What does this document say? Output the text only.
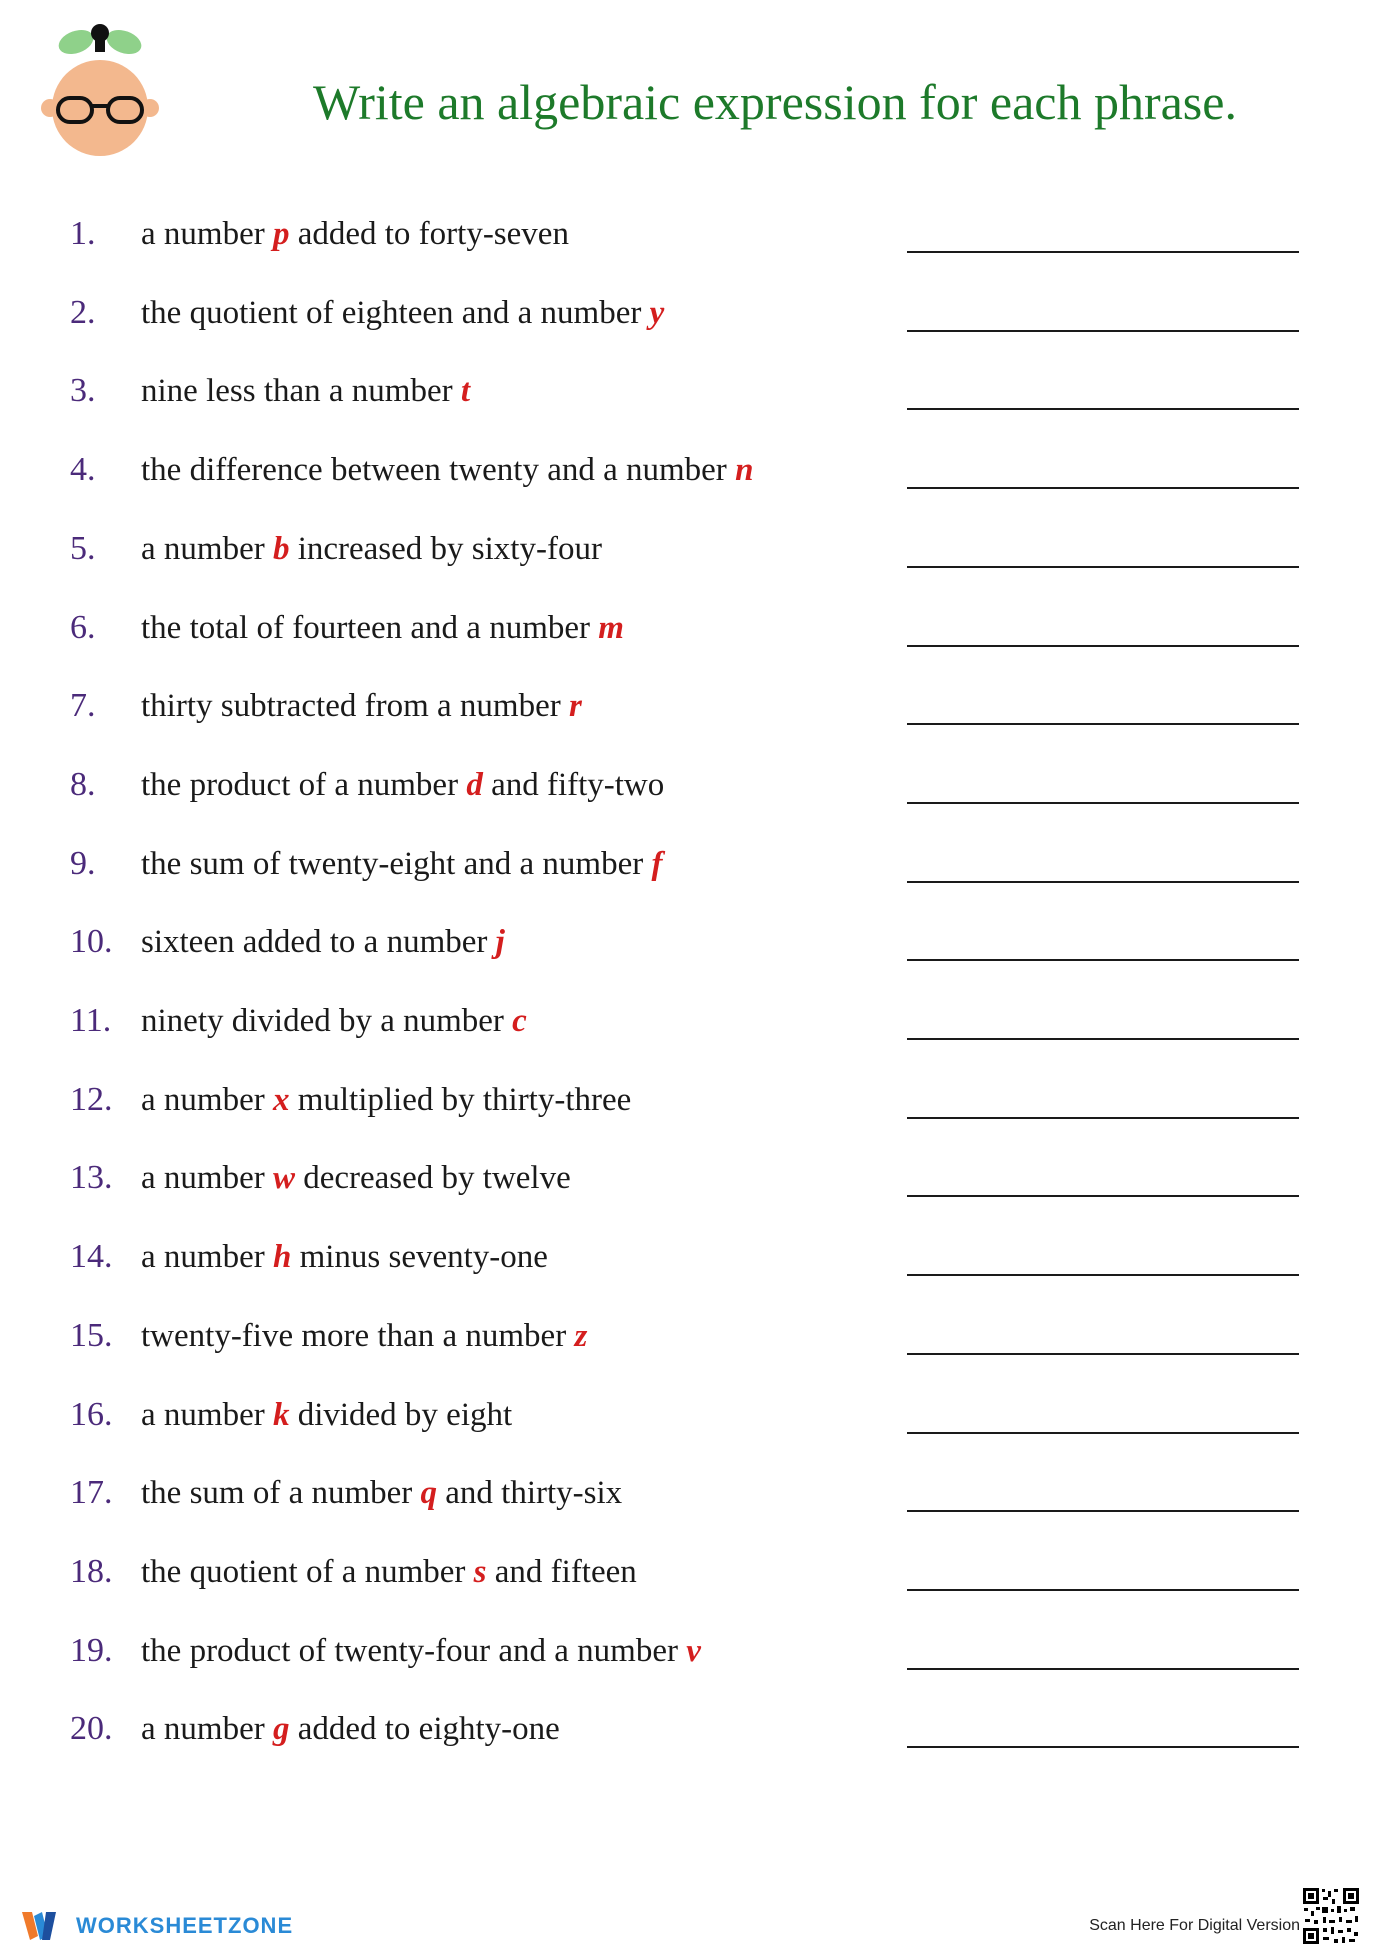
Write an algebraic expression for each phrase.
1. a number p added to forty-seven
2. the quotient of eighteen and a number y
3. nine less than a number t
4. the difference between twenty and a number n
5. a number b increased by sixty-four
6. the total of fourteen and a number m
7. thirty subtracted from a number r
8. the product of a number d and fifty-two
9. the sum of twenty-eight and a number f
10. sixteen added to a number j
11. ninety divided by a number c
12. a number x multiplied by thirty-three
13. a number w decreased by twelve
14. a number h minus seventy-one
15. twenty-five more than a number z
16. a number k divided by eight
17. the sum of a number q and thirty-six
18. the quotient of a number s and fifteen
19. the product of twenty-four and a number v
20. a number g added to eighty-one
WORKSHEETZONE	Scan Here For Digital Version
